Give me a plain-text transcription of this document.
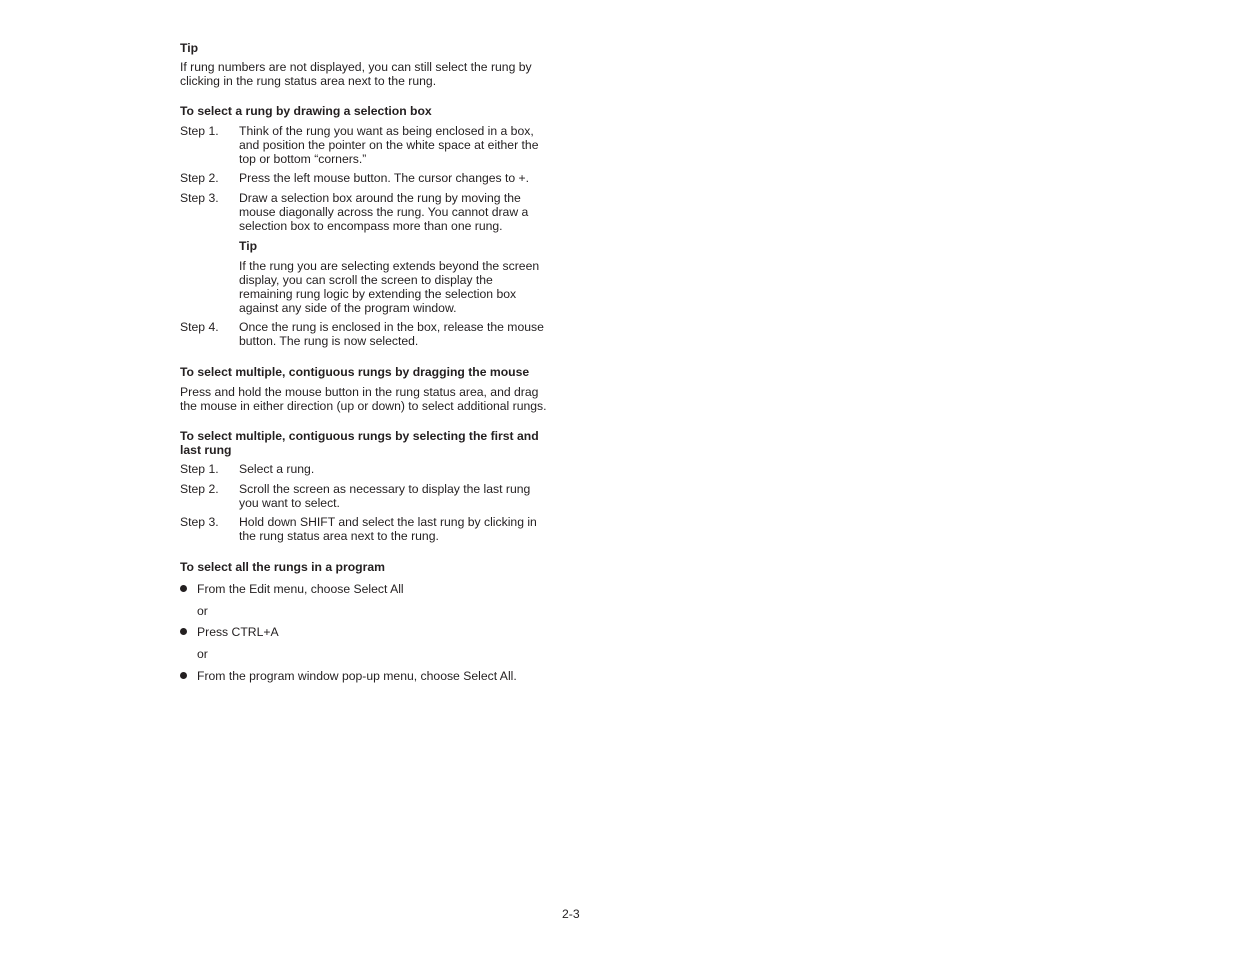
Tip
If rung numbers are not displayed, you can still select the rung by
clicking in the rung status area next to the rung.
To select a rung by drawing a selection box
Step 1. Think of the rung you want as being enclosed in a box,
and position the pointer on the white space at either the
top or bottom “corners.”
Step 2. Press the left mouse button. The cursor changes to +.
Step 3. Draw a selection box around the rung by moving the
mouse diagonally across the rung. You cannot draw a
selection box to encompass more than one rung.
Tip
If the rung you are selecting extends beyond the screen
display, you can scroll the screen to display the
remaining rung logic by extending the selection box
against any side of the program window.
Step 4. Once the rung is enclosed in the box, release the mouse
button. The rung is now selected.
To select multiple, contiguous rungs by dragging the mouse
Press and hold the mouse button in the rung status area, and drag
the mouse in either direction (up or down) to select additional rungs.
To select multiple, contiguous rungs by selecting the first and
last rung
Step 1. Select a rung.
Step 2. Scroll the screen as necessary to display the last rung
you want to select.
Step 3. Hold down SHIFT and select the last rung by clicking in
the rung status area next to the rung.
To select all the rungs in a program
From the Edit menu, choose Select All
or
Press CTRL+A
or
From the program window pop-up menu, choose Select All.
2-3
